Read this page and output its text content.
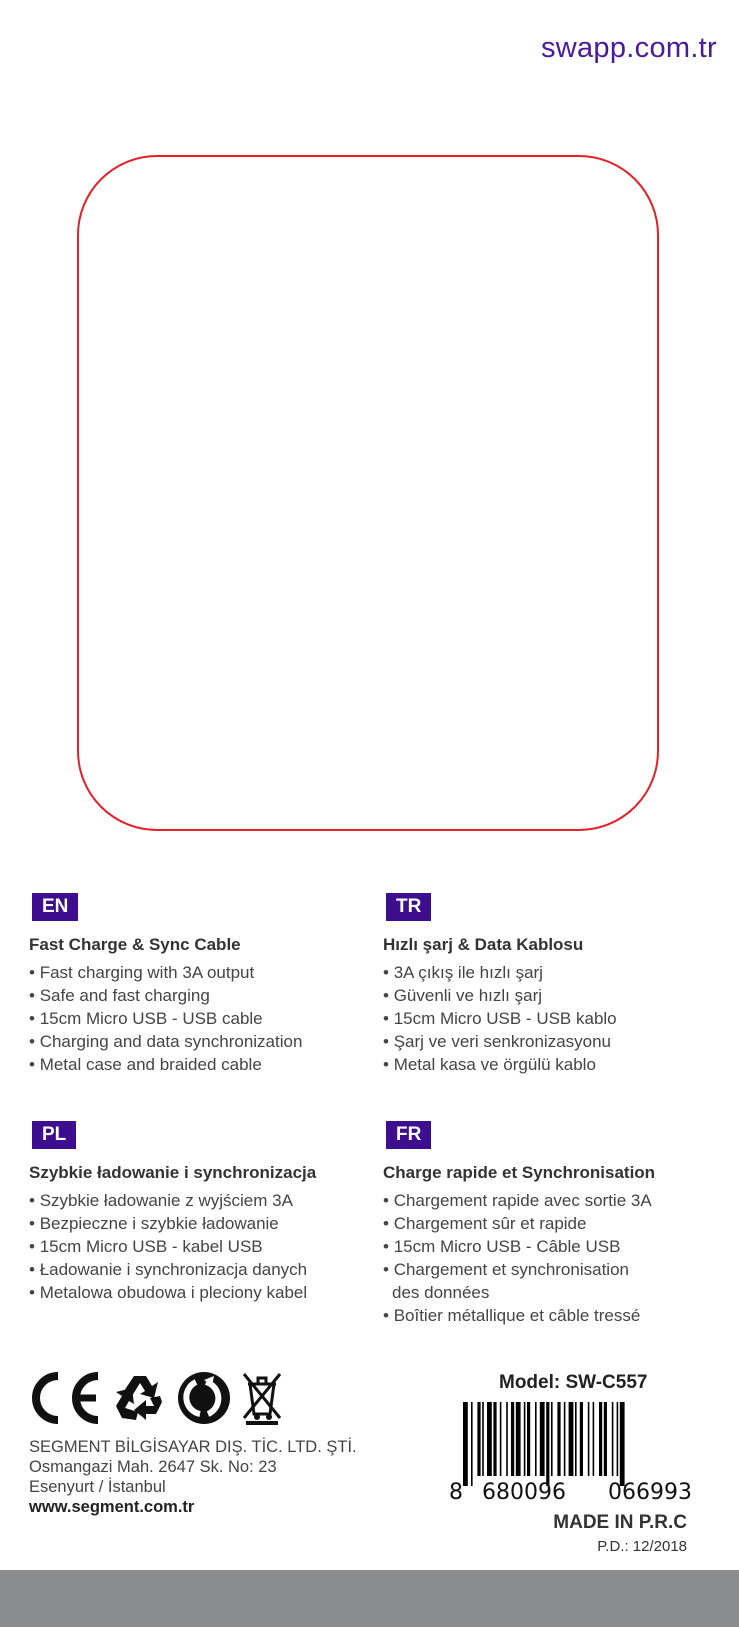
swapp.com.tr
EN
Fast Charge & Sync Cable
• Fast charging with 3A output
• Safe and fast charging
• 15cm Micro USB - USB cable
• Charging and data synchronization
• Metal case and braided cable
TR
Hızlı şarj & Data Kablosu
• 3A çıkış ile hızlı şarj
• Güvenli ve hızlı şarj
• 15cm Micro USB - USB kablo
• Şarj ve veri senkronizasyonu
• Metal kasa ve örgülü kablo
PL
Szybkie ładowanie i synchronizacja
• Szybkie ładowanie z wyjściem 3A
• Bezpieczne i szybkie ładowanie
• 15cm Micro USB - kabel USB
• Ładowanie i synchronizacja danych
• Metalowa obudowa i pleciony kabel
FR
Charge rapide et Synchronisation
• Chargement rapide avec sortie 3A
• Chargement sûr et rapide
• 15cm Micro USB - Câble USB
• Chargement et synchronisation
des données
• Boîtier métallique et câble tressé
SEGMENT BİLGİSAYAR DIŞ. TİC. LTD. ŞTİ.
Osmangazi Mah. 2647 Sk. No: 23
Esenyurt / İstanbul
www.segment.com.tr
Model: SW-C557
8 680096 066993
MADE IN P.R.C
P.D.: 12/2018
